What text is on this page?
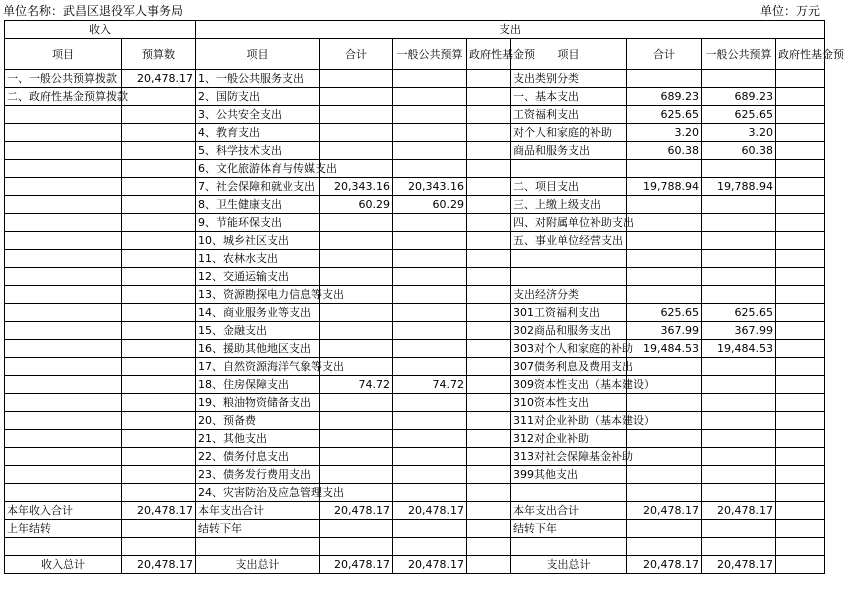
单位名称：武昌区退役军人事务局	单位：万元
收入		支出							
项目	预算数	项目	合计	一般公共预算	政府性基金预	项目	合计	一般公共预算	政府性基金预
一、一般公共预算拨款	20,478.17	1、一般公共服务支出				支出类别分类			
二、政府性基金预算拨款		2、国防支出				一、基本支出	689.23	689.23	
		3、公共安全支出				工资福利支出	625.65	625.65	
		4、教育支出				对个人和家庭的补助	3.20	3.20	
		5、科学技术支出				商品和服务支出	60.38	60.38	
		6、文化旅游体育与传媒支出							
		7、社会保障和就业支出	20,343.16	20,343.16		二、项目支出	19,788.94	19,788.94	
		8、卫生健康支出	60.29	60.29		三、上缴上级支出			
		9、节能环保支出				四、对附属单位补助支出			
		10、城乡社区支出				五、事业单位经营支出			
		11、农林水支出							
		12、交通运输支出							
		13、资源勘探电力信息等支出				支出经济分类			
		14、商业服务业等支出				301工资福利支出	625.65	625.65	
		15、金融支出				302商品和服务支出	367.99	367.99	
		16、援助其他地区支出				303对个人和家庭的补助	19,484.53	19,484.53	
		17、自然资源海洋气象等支出				307债务利息及费用支出			
		18、住房保障支出	74.72	74.72		309资本性支出（基本建设）			
		19、粮油物资储备支出				310资本性支出			
		20、预备费				311对企业补助（基本建设）			
		21、其他支出				312对企业补助			
		22、债务付息支出				313对社会保障基金补助			
		23、债务发行费用支出				399其他支出			
		24、灾害防治及应急管理支出							
本年收入合计	20,478.17	本年支出合计	20,478.17	20,478.17		本年支出合计	20,478.17	20,478.17	
上年结转		结转下年				结转下年			

收入总计	20,478.17	支出总计	20,478.17	20,478.17		支出总计	20,478.17	20,478.17	
